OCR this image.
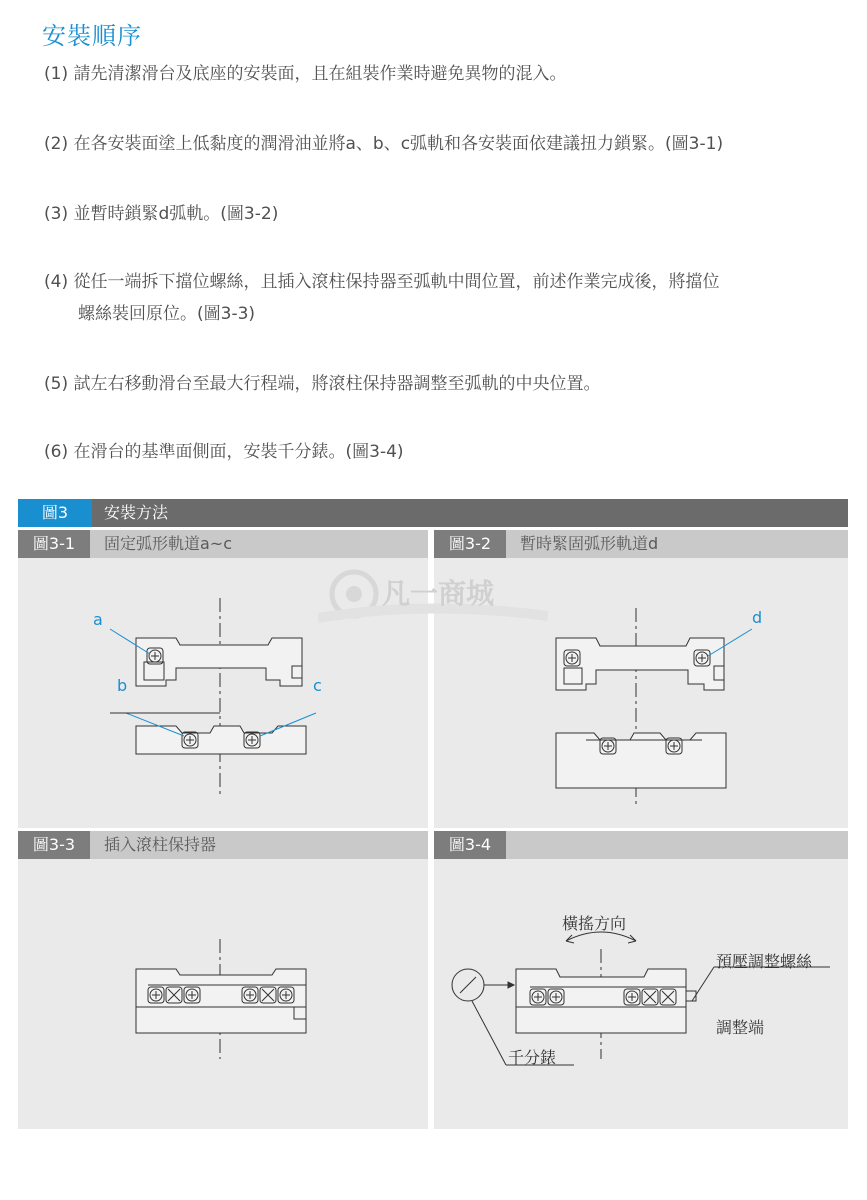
安裝順序
(1) 請先清潔滑台及底座的安裝面，且在組裝作業時避免異物的混入。
(2) 在各安裝面塗上低黏度的潤滑油並將a、b、c弧軌和各安裝面依建議扭力鎖緊。(圖3-1)
(3) 並暫時鎖緊d弧軌。(圖3-2)
(4) 從任一端拆下擋位螺絲，且插入滾柱保持器至弧軌中間位置，前述作業完成後，將擋位
螺絲裝回原位。(圖3-3)
(5) 試左右移動滑台至最大行程端，將滾柱保持器調整至弧軌的中央位置。
(6) 在滑台的基準面側面，安裝千分錶。(圖3-4)
圖3	安裝方法
圖3-1	固定弧形軌道a~c
a
b	c
圖3-2	暫時緊固弧形軌道d
d
圖3-3	插入滾柱保持器	圖3-4
橫搖方向
預壓調整螺絲
調整端
千分錶
凡一商城
